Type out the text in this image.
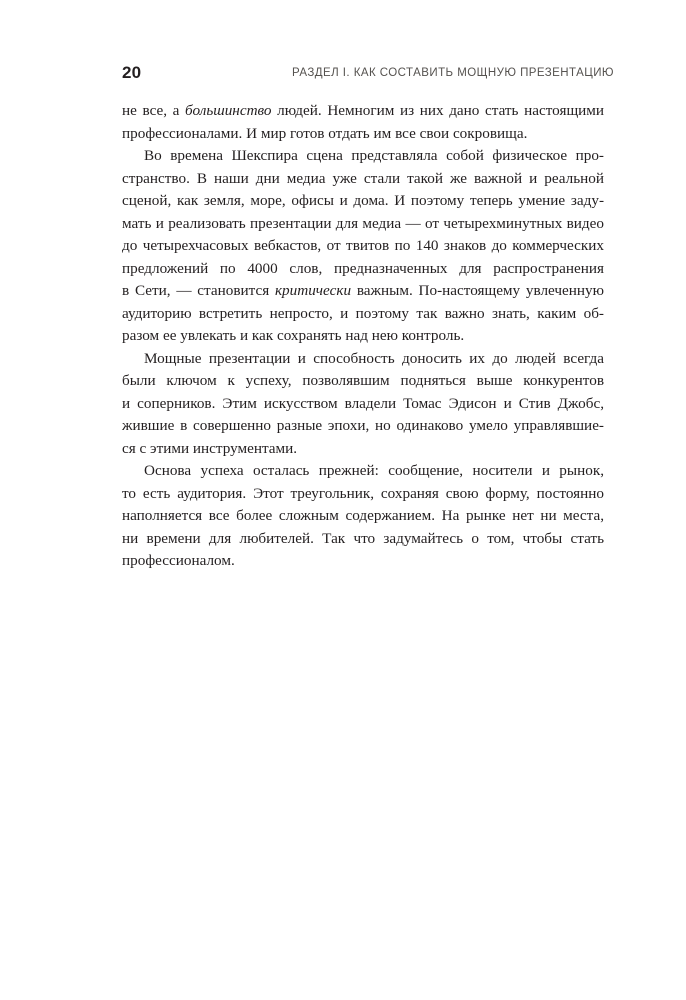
20	РАЗДЕЛ I. КАК СОСТАВИТЬ МОЩНУЮ ПРЕЗЕНТАЦИЮ
не все, а большинство людей. Немногим из них дано стать настоящими
профессионалами. И мир готов отдать им все свои сокровища.
Во времена Шекспира сцена представляла собой физическое про-
странство. В наши дни медиа уже стали такой же важной и реальной
сценой, как земля, море, офисы и дома. И поэтому теперь умение заду-
мать и реализовать презентации для медиа — от четырехминутных видео
до четырехчасовых вебкастов, от твитов по 140 знаков до коммерческих
предложений по 4000 слов, предназначенных для распространения
в Сети, — становится критически важным. По-настоящему увлеченную
аудиторию встретить непросто, и поэтому так важно знать, каким об-
разом ее увлекать и как сохранять над нею контроль.
Мощные презентации и способность доносить их до людей всегда
были ключом к успеху, позволявшим подняться выше конкурентов
и соперников. Этим искусством владели Томас Эдисон и Стив Джобс,
жившие в совершенно разные эпохи, но одинаково умело управлявшие-
ся с этими инструментами.
Основа успеха осталась прежней: сообщение, носители и рынок,
то есть аудитория. Этот треугольник, сохраняя свою форму, постоянно
наполняется все более сложным содержанием. На рынке нет ни места,
ни времени для любителей. Так что задумайтесь о том, чтобы стать
профессионалом.
